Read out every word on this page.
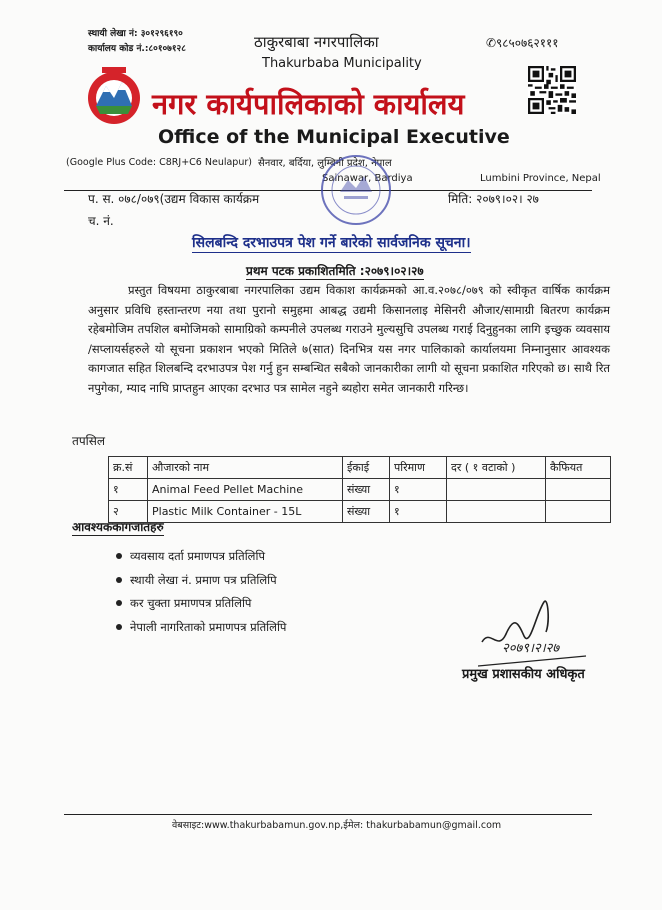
स्थायी लेखा नं: ३०१२९६१९०
कार्यालय कोड नं.:८०१०७१२८	ठाकुरबाबा नगरपालिका
Thakurbaba Municipality
✆९८५०७६२१११
नगर कार्यपालिकाको कार्यालय
Office of the Municipal Executive
(Google Plus Code: C8RJ+C6 Neulapur) सैनवार, बर्दिया, लुम्बिनी प्रदेश, नेपाल
Sainawar, Bardiya	Lumbini Province, Nepal
प. स. ०७८/०७९(उद्यम विकास कार्यक्रम
च. नं.
मिति: २०७९।०२। २७
सिलबन्दि दरभाउपत्र पेश गर्ने बारेको सार्वजनिक सूचना।
प्रथम पटक प्रकाशितमिति :२०७९।०२।२७

प्रस्तुत विषयमा ठाकुरबाबा नगरपालिका उद्यम विकाश कार्यक्रमको आ.व.२०७८/०७९ को स्वीकृत वार्षिक कार्यक्रम अनुसार प्रविधि हस्तान्तरण नया तथा पुरानो समुहमा आबद्ध उद्यमी किसानलाइ मेसिनरी औजार/सामाग्री बितरण कार्यक्रम रहेबमोजिम तपशिल बमोजिमको सामाग्रिको कम्पनीले उपलब्ध गराउने मुल्यसुचि उपलब्ध गराई दिनुहुनका लागि इच्छुक व्यवसाय /सप्लायर्सहरुले यो सूचना प्रकाशन भएको मितिले ७(सात) दिनभित्र यस नगर पालिकाको कार्यालयमा निम्नानुसार आवश्यक कागजात सहित शिलबन्दि दरभाउपत्र पेश गर्नु हुन सम्बन्धित सबैको जानकारीका लागी यो सूचना प्रकाशित गरिएको छ। साथै रित नपुगेका, म्याद नाघि प्राप्तहुन आएका दरभाउ पत्र सामेल नहुने ब्यहोरा समेत जानकारी गरिन्छ।

तपसिल
क्र.सं	औजारको नाम	ईकाई	परिमाण	दर ( १ वटाको )	कैफियत
१	Animal Feed Pellet Machine	संख्या	१		
२	Plastic Milk Container - 15L	संख्या	१		
आवश्यककागजातहरु
व्यवसाय दर्ता प्रमाणपत्र प्रतिलिपि
स्थायी लेखा नं. प्रमाण पत्र प्रतिलिपि
कर चुक्ता प्रमाणपत्र प्रतिलिपि
नेपाली नागरिताको प्रमाणपत्र प्रतिलिपि
२०७९।२।२७
प्रमुख प्रशासकीय अधिकृत
वेबसाइट:www.thakurbabamun.gov.np,ईमेल: thakurbabamun@gmail.com
